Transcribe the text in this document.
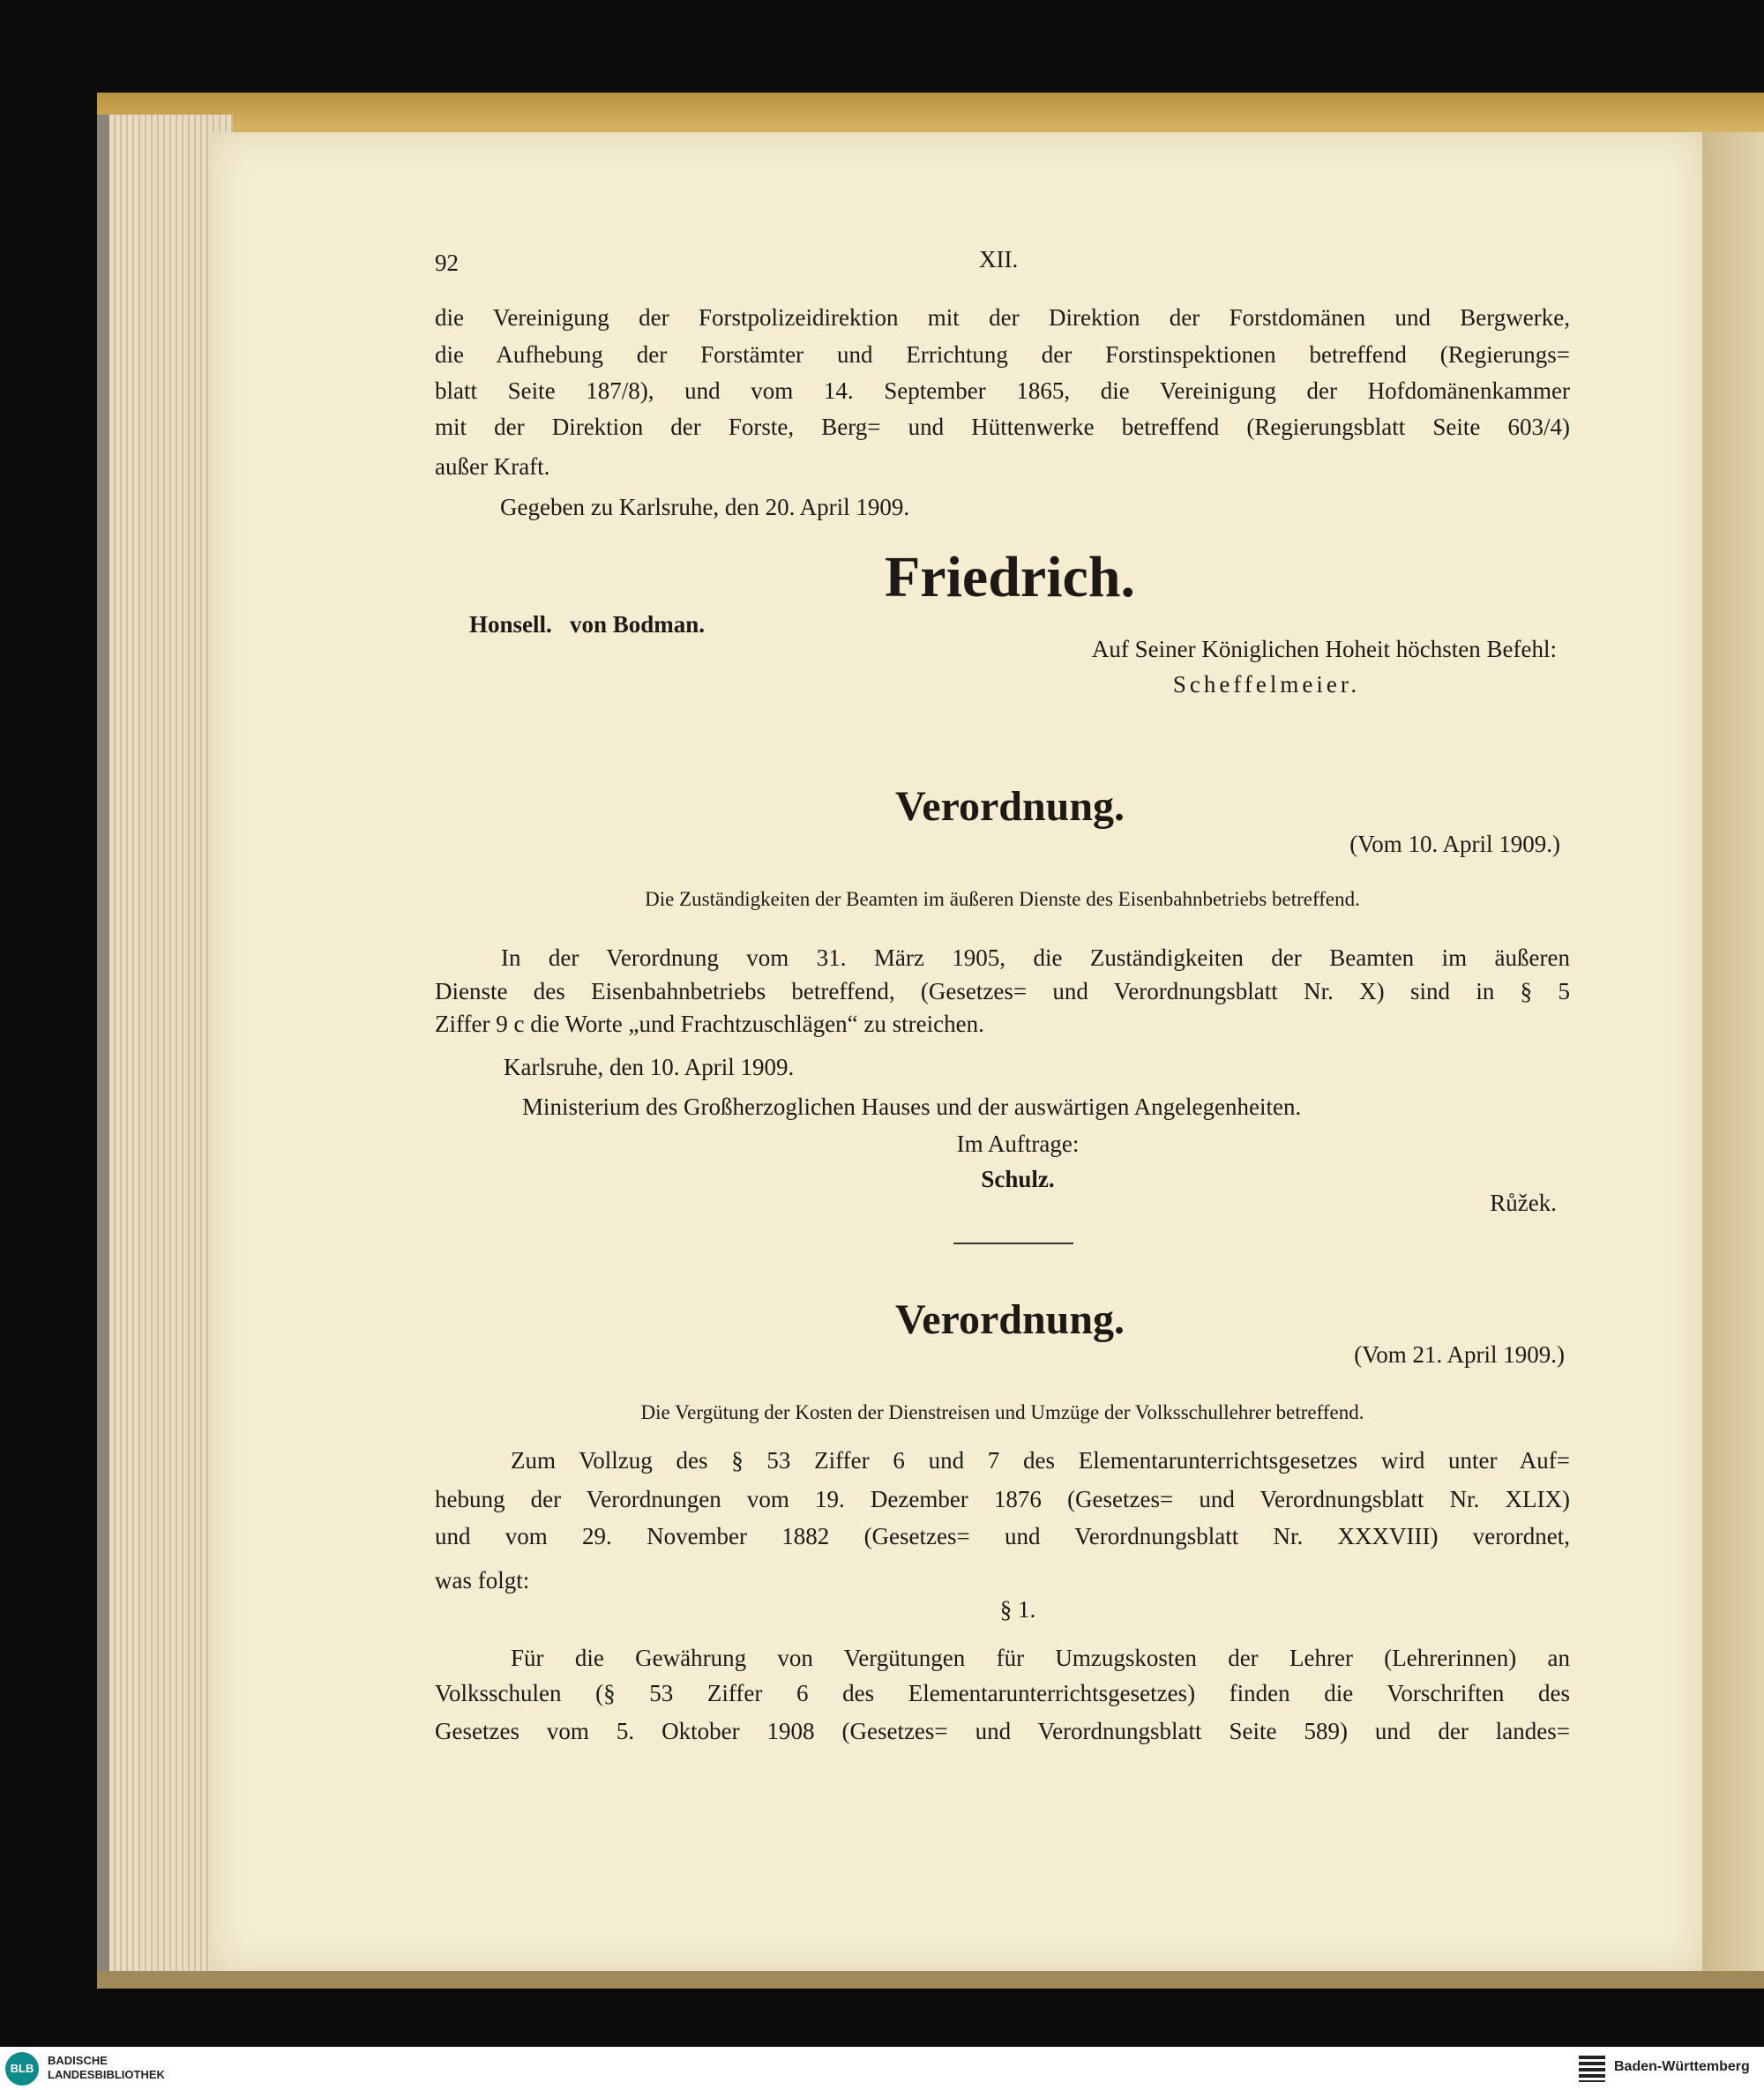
92	XII.
die Vereinigung der Forstpolizeidirektion mit der Direktion der Forstdomänen und Bergwerke,
die Aufhebung der Forstämter und Errichtung der Forstinspektionen betreffend (Regierungs=
blatt Seite 187/8), und vom 14. September 1865, die Vereinigung der Hofdomänenkammer
mit der Direktion der Forste, Berg= und Hüttenwerke betreffend (Regierungsblatt Seite 603/4)
außer Kraft.
Gegeben zu Karlsruhe, den 20. April 1909.
Friedrich.
Honsell.   von Bodman.
Auf Seiner Königlichen Hoheit höchsten Befehl:
Scheffelmeier.
Verordnung.
(Vom 10. April 1909.)
Die Zuständigkeiten der Beamten im äußeren Dienste des Eisenbahnbetriebs betreffend.
In der Verordnung vom 31. März 1905, die Zuständigkeiten der Beamten im äußeren
Dienste des Eisenbahnbetriebs betreffend, (Gesetzes= und Verordnungsblatt Nr. X) sind in § 5
Ziffer 9 c die Worte „und Frachtzuschlägen“ zu streichen.
Karlsruhe, den 10. April 1909.
Ministerium des Großherzoglichen Hauses und der auswärtigen Angelegenheiten.
Im Auftrage:
Schulz.
Růžek.
Verordnung.
(Vom 21. April 1909.)
Die Vergütung der Kosten der Dienstreisen und Umzüge der Volksschullehrer betreffend.
Zum Vollzug des § 53 Ziffer 6 und 7 des Elementarunterrichtsgesetzes wird unter Auf=
hebung der Verordnungen vom 19. Dezember 1876 (Gesetzes= und Verordnungsblatt Nr. XLIX)
und vom 29. November 1882 (Gesetzes= und Verordnungsblatt Nr. XXXVIII) verordnet,
was folgt:
§ 1.
Für die Gewährung von Vergütungen für Umzugskosten der Lehrer (Lehrerinnen) an
Volksschulen (§ 53 Ziffer 6 des Elementarunterrichtsgesetzes) finden die Vorschriften des
Gesetzes vom 5. Oktober 1908 (Gesetzes= und Verordnungsblatt Seite 589) und der landes=
BLB
BADISCHE LANDESBIBLIOTHEK
Baden-Württemberg
